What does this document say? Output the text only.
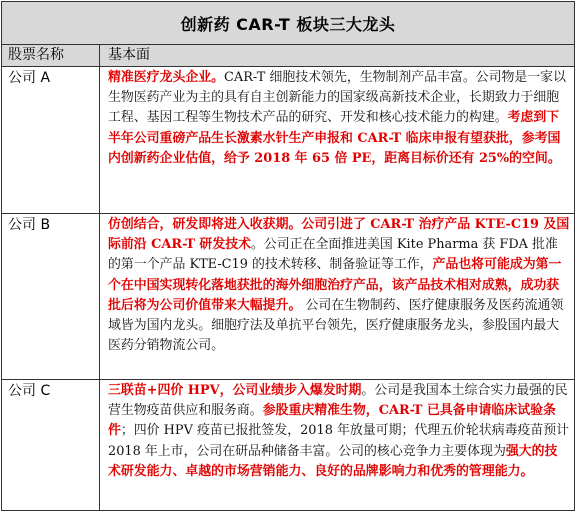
创新药 CAR-T 板块三大龙头
股票名称	基本面
公司 A	精准医疗龙头企业。CAR-T 细胞技术领先，生物制剂产品丰富。公司物是一家以生物医药产业为主的具有自主创新能力的国家级高新技术企业，长期致力于细胞工程、基因工程等生物技术产品的研究、开发和核心技术能力的构建。考虑到下半年公司重磅产品生长激素水针生产申报和 CAR-T 临床申报有望获批，参考国内创新药企业估值，给予 2018 年 65 倍 PE，距离目标价还有 25%的空间。
公司 B	仿创结合，研发即将进入收获期。公司引进了 CAR-T 治疗产品 KTE-C19 及国际前沿 CAR-T 研发技术。公司正在全面推进美国 Kite Pharma 获 FDA 批准的第一个产品 KTE-C19 的技术转移、制备验证等工作，产品也将可能成为第一个在中国实现转化落地获批的海外细胞治疗产品，该产品技术相对成熟，成功获批后将为公司价值带来大幅提升。 公司在生物制药、医疗健康服务及医药流通领域皆为国内龙头。细胞疗法及单抗平台领先，医疗健康服务龙头，参股国内最大医药分销物流公司。
公司 C	三联苗+四价 HPV，公司业绩步入爆发时期。公司是我国本土综合实力最强的民营生物疫苗供应和服务商。参股重庆精准生物，CAR-T 已具备申请临床试验条件；四价 HPV 疫苗已报批签发，2018 年放量可期；代理五价轮状病毒疫苗预计 2018 年上市，公司在研品种储备丰富。公司的核心竞争力主要体现为强大的技术研发能力、卓越的市场营销能力、良好的品牌影响力和优秀的管理能力。
